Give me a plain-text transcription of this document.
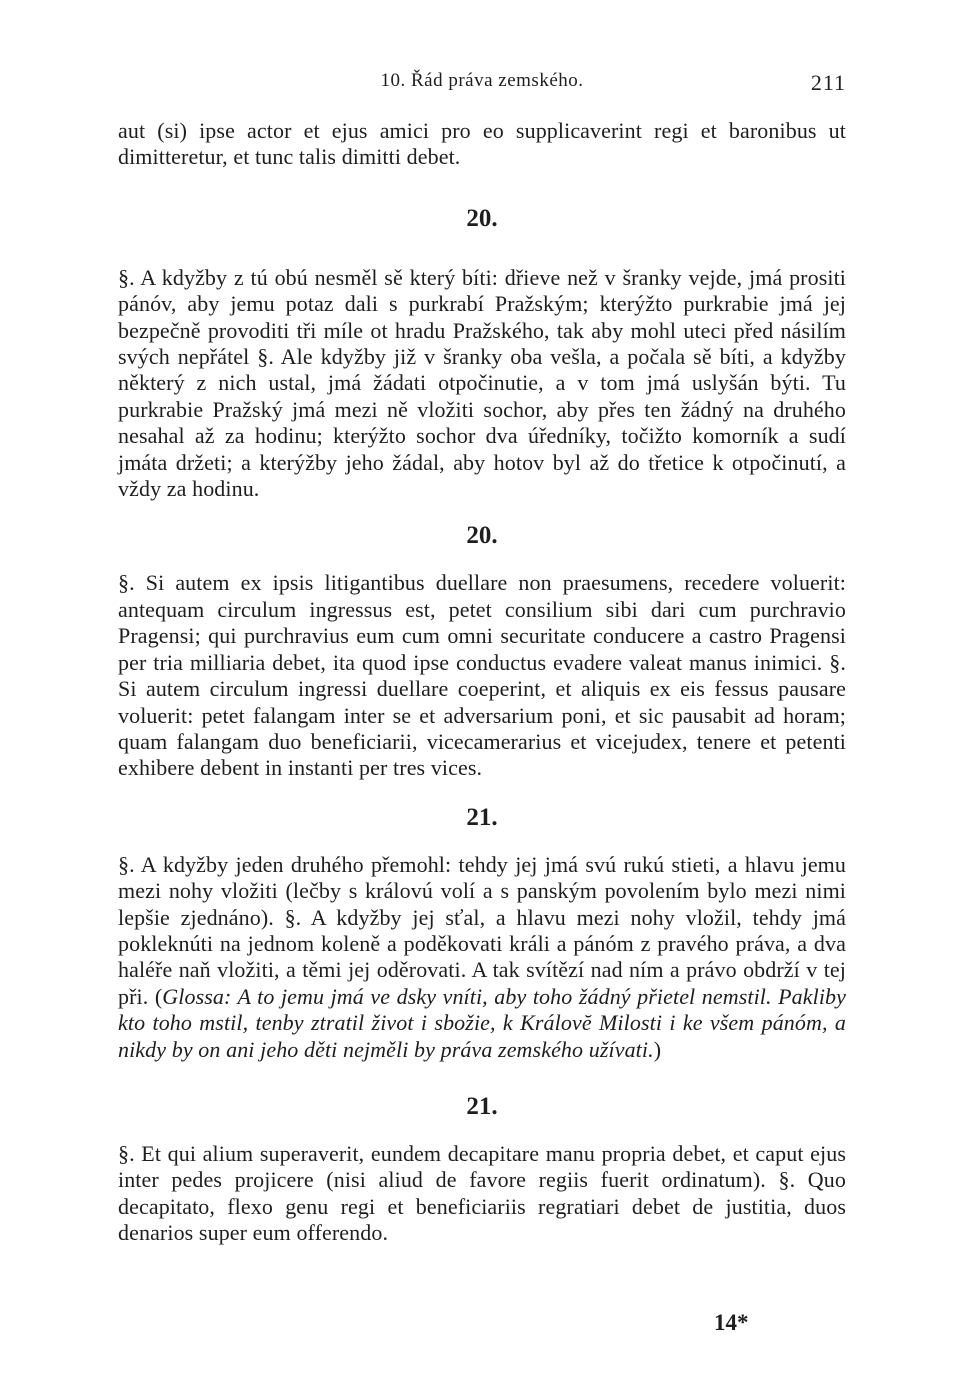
10. Řád práva zemského.	211

aut (si) ipse actor et ejus amici pro eo supplicaverint regi et baronibus ut dimitteretur, et tunc talis dimitti debet.

20.

§. A kdyžby z tú obú nesměl sě který bíti: dřieve než v šranky vejde, jmá prositi pánóv, aby jemu potaz dali s purkrabí Pražským; kterýžto purkrabie jmá jej bezpečně provoditi tři míle ot hradu Pražského, tak aby mohl uteci před násilím svých nepřátel §. Ale kdyžby již v šranky oba vešla, a počala sě bíti, a kdyžby některý z nich ustal, jmá žádati otpočinutie, a v tom jmá uslyšán býti. Tu purkrabie Pražský jmá mezi ně vložiti sochor, aby přes ten žádný na druhého nesahal až za hodinu; kterýžto sochor dva úředníky, točižto komorník a sudí jmáta držeti; a kterýžby jeho žádal, aby hotov byl až do třetice k otpočinutí, a vždy za hodinu.

20.

§. Si autem ex ipsis litigantibus duellare non praesumens, recedere voluerit: antequam circulum ingressus est, petet consilium sibi dari cum purchravio Pragensi; qui purchravius eum cum omni securitate conducere a castro Pragensi per tria milliaria debet, ita quod ipse conductus evadere valeat manus inimici. §. Si autem circulum ingressi duellare coeperint, et aliquis ex eis fessus pausare voluerit: petet falangam inter se et adversarium poni, et sic pausabit ad horam; quam falangam duo beneficiarii, vicecamerarius et vicejudex, tenere et petenti exhibere debent in instanti per tres vices.

21.

§. A kdyžby jeden druhého přemohl: tehdy jej jmá svú rukú stieti, a hlavu jemu mezi nohy vložiti (lečby s královú volí a s panským povolením bylo mezi nimi lepšie zjednáno). §. A kdyžby jej sťal, a hlavu mezi nohy vložil, tehdy jmá pokleknúti na jednom koleně a poděkovati králi a pánóm z pravého práva, a dva haléře naň vložiti, a těmi jej oděrovati. A tak svítězí nad ním a právo obdrží v tej při. (Glossa: A to jemu jmá ve dsky vníti, aby toho žádný přietel nemstil. Pakliby kto toho mstil, tenby ztratil život i sbožie, k Královĕ Milosti i ke všem pánóm, a nikdy by on ani jeho děti nejměli by práva zemského užívati.)

21.

§. Et qui alium superaverit, eundem decapitare manu propria debet, et caput ejus inter pedes projicere (nisi aliud de favore regiis fuerit ordinatum). §. Quo decapitato, flexo genu regi et beneficiariis regratiari debet de justitia, duos denarios super eum offerendo.

14*
